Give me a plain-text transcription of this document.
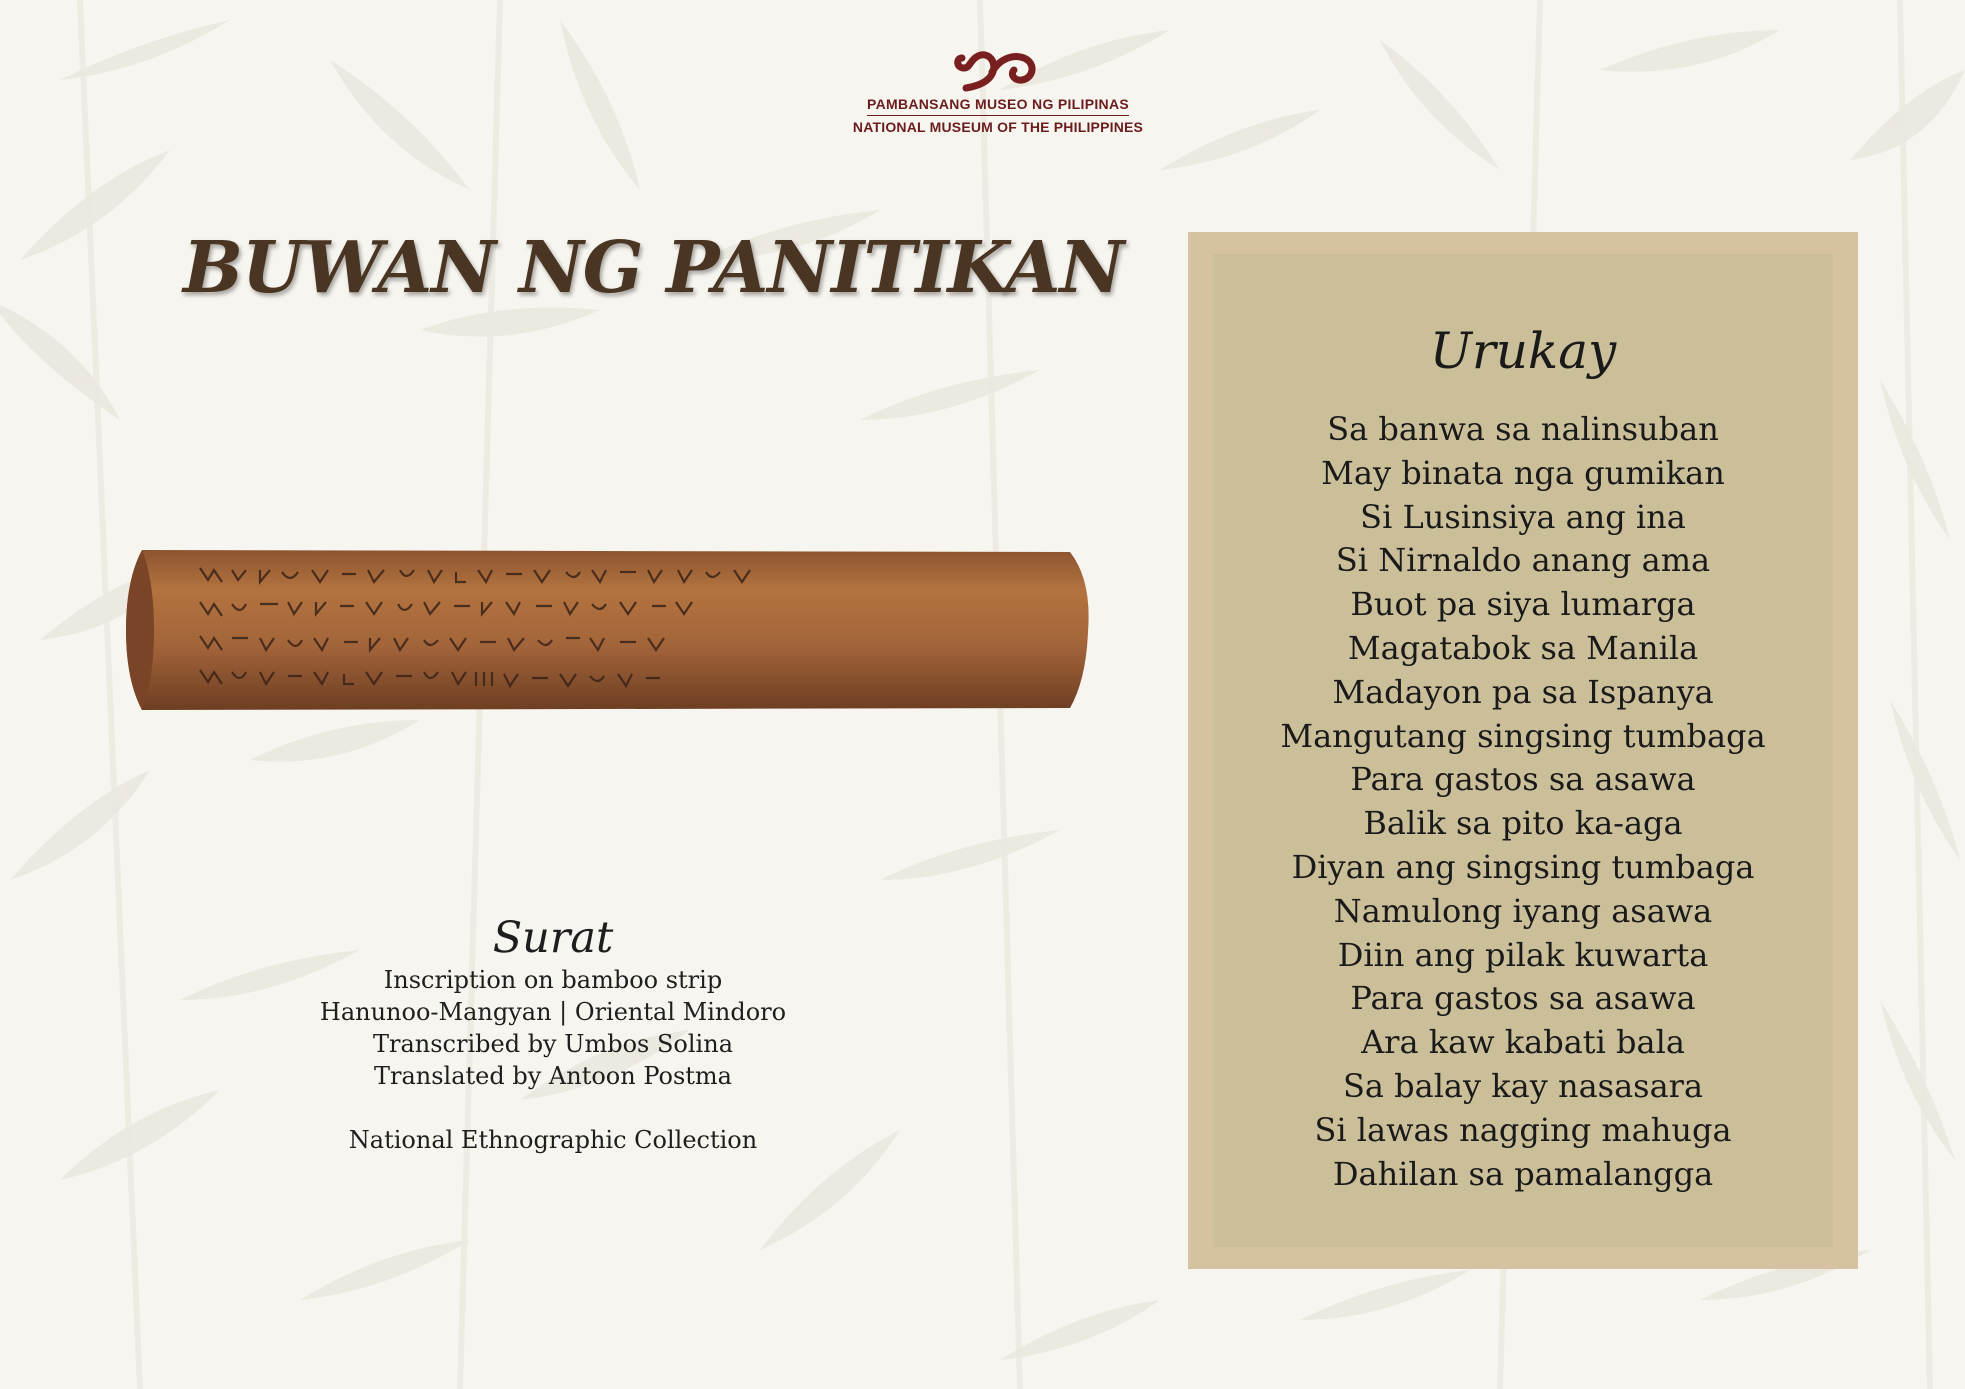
PAMBANSANG MUSEO NG PILIPINAS
NATIONAL MUSEUM OF THE PHILIPPINES
BUWAN NG PANITIKAN
Surat
Inscription on bamboo strip
Hanunoo-Mangyan | Oriental Mindoro
Transcribed by Umbos Solina
Translated by Antoon Postma
National Ethnographic Collection
Urukay
Sa banwa sa nalinsuban
May binata nga gumikan
Si Lusinsiya ang ina
Si Nirnaldo anang ama
Buot pa siya lumarga
Magatabok sa Manila
Madayon pa sa Ispanya
Mangutang singsing tumbaga
Para gastos sa asawa
Balik sa pito ka-aga
Diyan ang singsing tumbaga
Namulong iyang asawa
Diin ang pilak kuwarta
Para gastos sa asawa
Ara kaw kabati bala
Sa balay kay nasasara
Si lawas nagging mahuga
Dahilan sa pamalangga
